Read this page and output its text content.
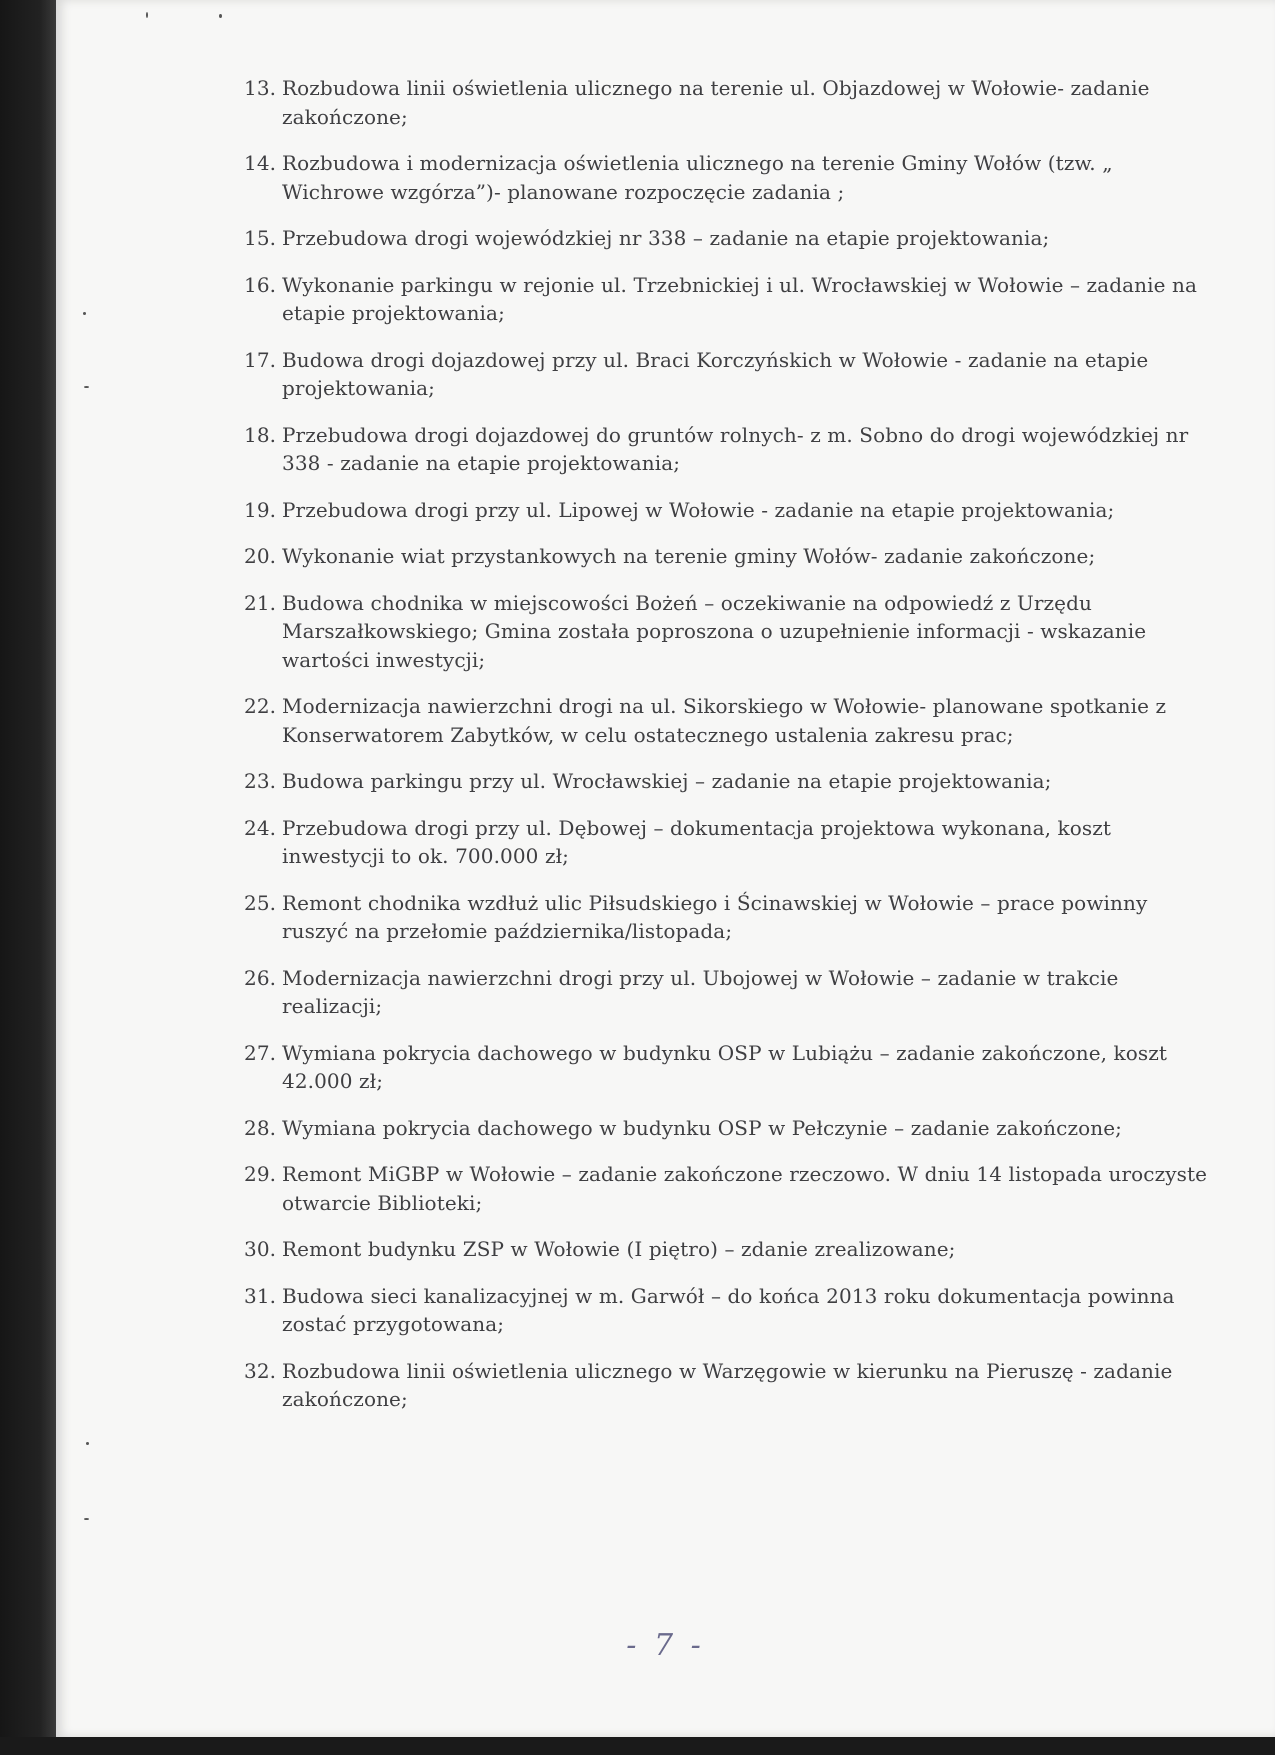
13. Rozbudowa linii oświetlenia ulicznego na terenie ul. Objazdowej w Wołowie- zadanie zakończone;
14. Rozbudowa i modernizacja oświetlenia ulicznego na terenie Gminy Wołów (tzw. „ Wichrowe wzgórza”)- planowane rozpoczęcie zadania ;
15. Przebudowa drogi wojewódzkiej nr 338 – zadanie na etapie projektowania;
16. Wykonanie parkingu w rejonie ul. Trzebnickiej i ul. Wrocławskiej w Wołowie – zadanie na etapie projektowania;
17. Budowa drogi dojazdowej przy ul. Braci Korczyńskich w Wołowie - zadanie na etapie projektowania;
18. Przebudowa drogi dojazdowej do gruntów rolnych- z m. Sobno do drogi wojewódzkiej nr 338 - zadanie na etapie projektowania;
19. Przebudowa drogi przy ul. Lipowej w Wołowie - zadanie na etapie projektowania;
20. Wykonanie wiat przystankowych na terenie gminy Wołów- zadanie zakończone;
21. Budowa chodnika w miejscowości Bożeń – oczekiwanie na odpowiedź z Urzędu Marszałkowskiego; Gmina została poproszona o uzupełnienie informacji - wskazanie wartości inwestycji;
22. Modernizacja nawierzchni drogi na ul. Sikorskiego w Wołowie- planowane spotkanie z Konserwatorem Zabytków, w celu ostatecznego ustalenia zakresu prac;
23. Budowa parkingu przy ul. Wrocławskiej – zadanie na etapie projektowania;
24. Przebudowa drogi przy ul. Dębowej – dokumentacja projektowa wykonana, koszt inwestycji to ok. 700.000 zł;
25. Remont chodnika wzdłuż ulic Piłsudskiego i Ścinawskiej w Wołowie – prace powinny ruszyć na przełomie października/listopada;
26. Modernizacja nawierzchni drogi przy ul. Ubojowej w Wołowie – zadanie w trakcie realizacji;
27. Wymiana pokrycia dachowego w budynku OSP w Lubiążu – zadanie zakończone, koszt 42.000 zł;
28. Wymiana pokrycia dachowego w budynku OSP w Pełczynie – zadanie zakończone;
29. Remont MiGBP w Wołowie – zadanie zakończone rzeczowo. W dniu 14 listopada uroczyste otwarcie Biblioteki;
30. Remont budynku ZSP w Wołowie (I piętro) – zdanie zrealizowane;
31. Budowa sieci kanalizacyjnej w m. Garwół – do końca 2013 roku dokumentacja powinna zostać przygotowana;
32. Rozbudowa linii oświetlenia ulicznego w Warzęgowie w kierunku na Pieruszę - zadanie zakończone;
- 7 -
